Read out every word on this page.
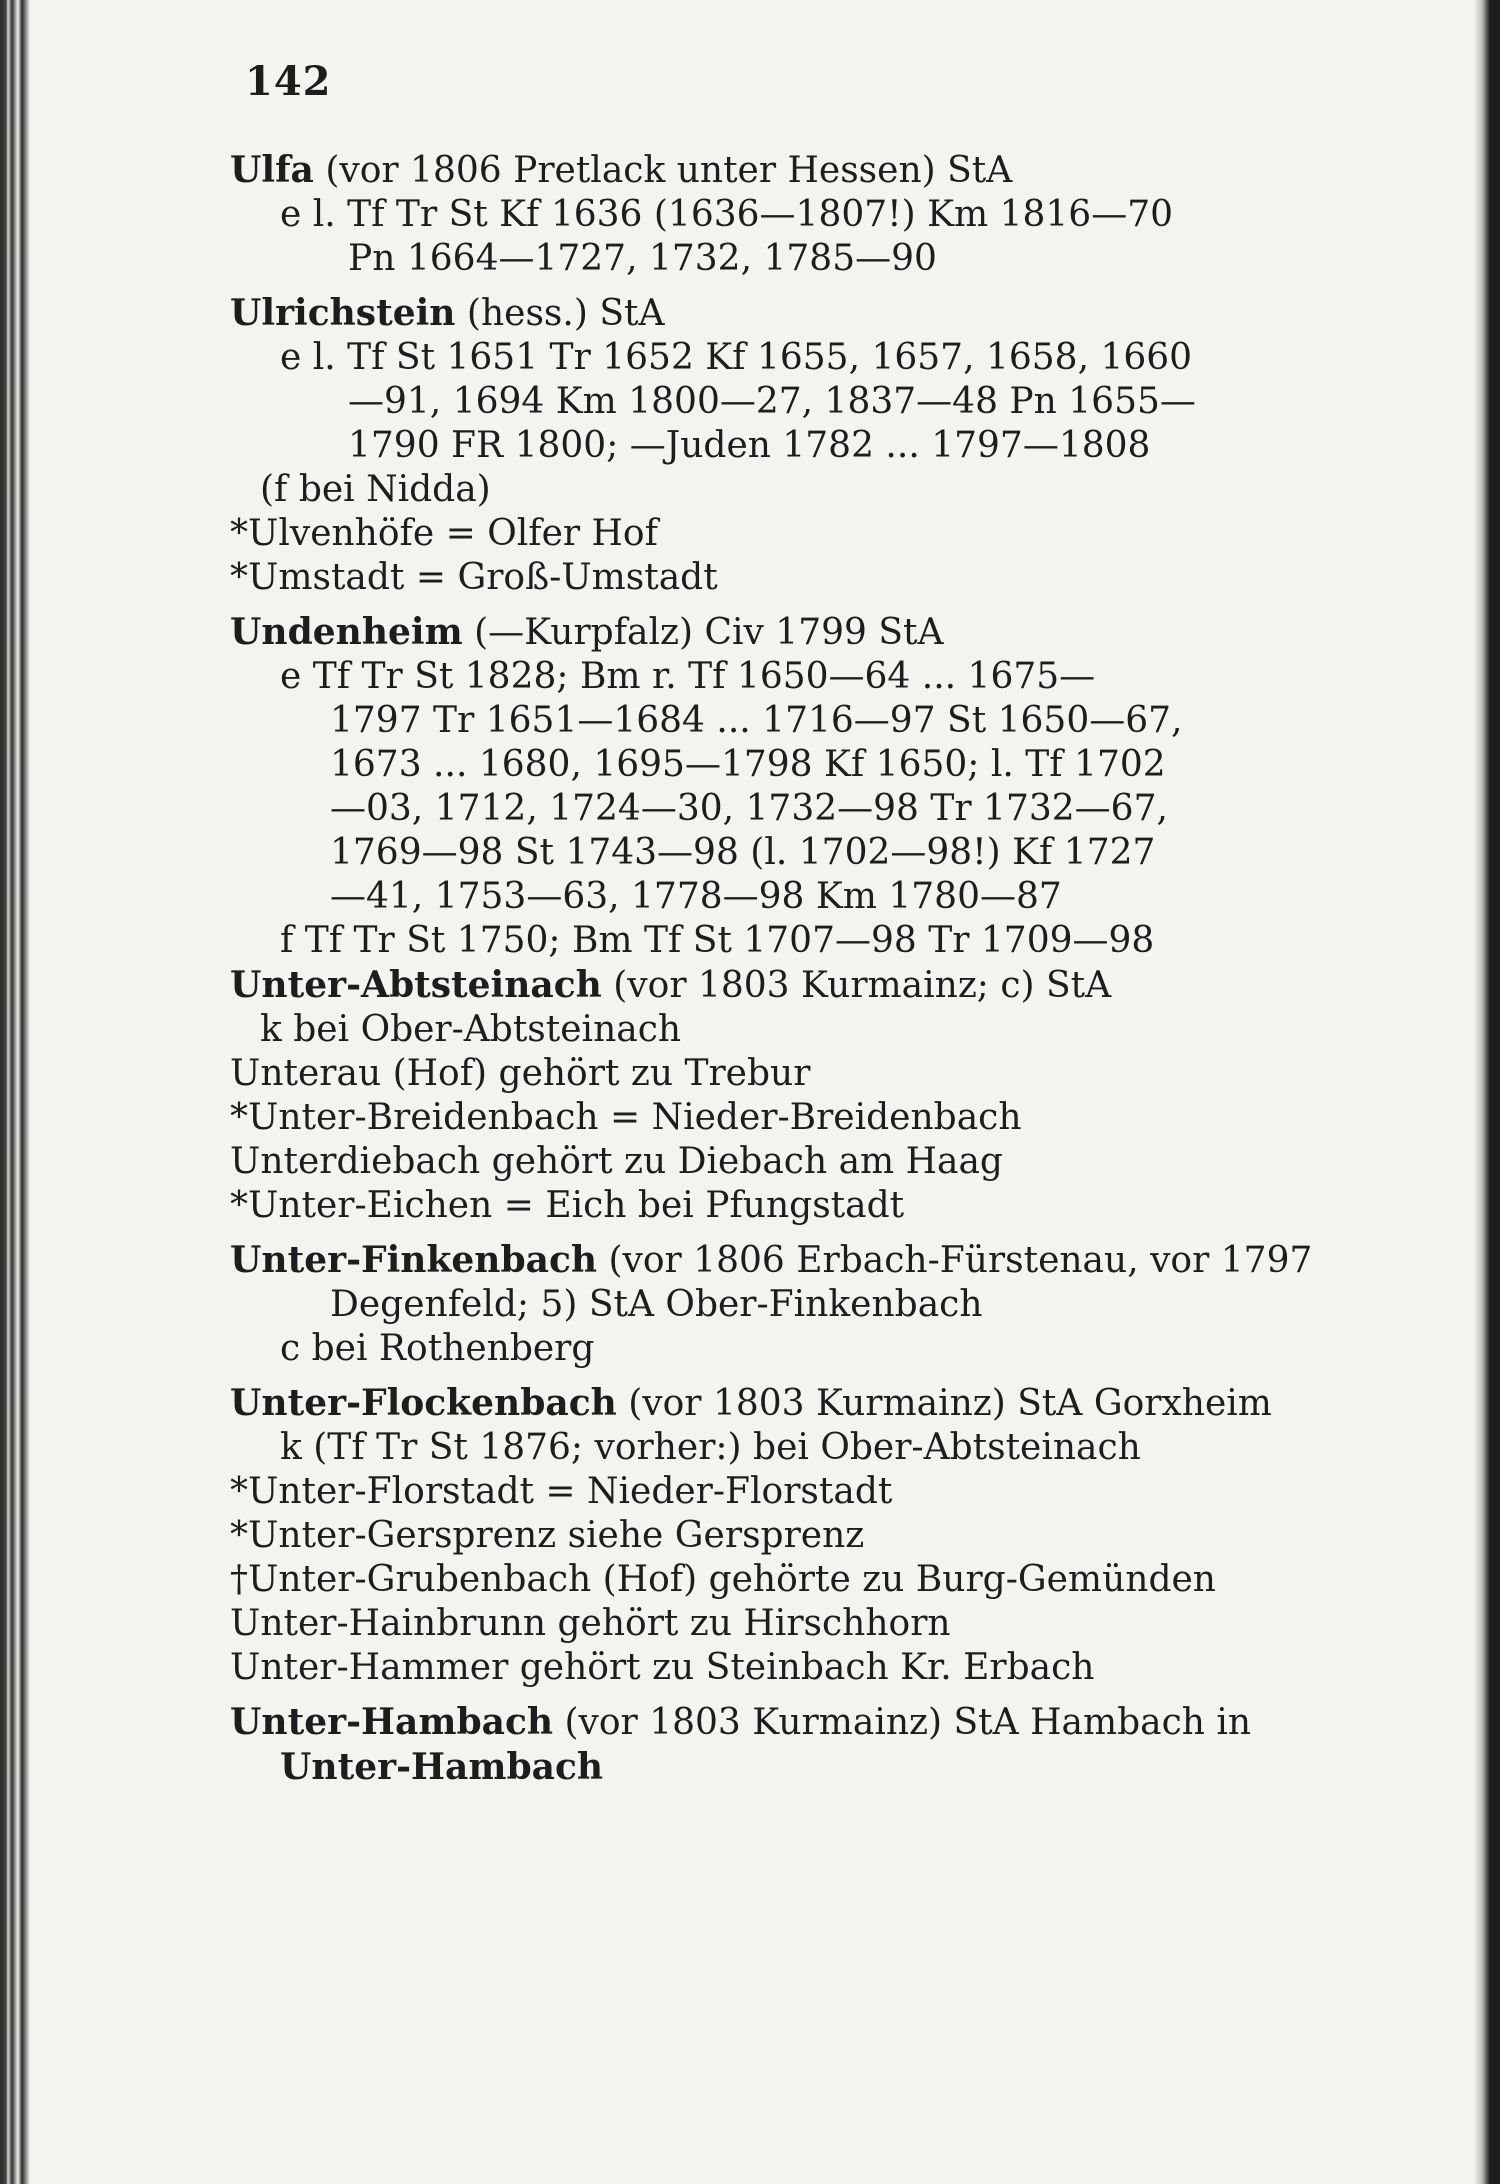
142

Ulfa (vor 1806 Pretlack unter Hessen) StA

e l. Tf Tr St Kf 1636 (1636—1807!) Km 1816—70

Pn 1664—1727, 1732, 1785—90

Ulrichstein (hess.) StA

e l. Tf St 1651 Tr 1652 Kf 1655, 1657, 1658, 1660

—91, 1694 Km 1800—27, 1837—48 Pn 1655—

1790 FR 1800; —Juden 1782 ... 1797—1808

(f bei Nidda)

*Ulvenhöfe = Olfer Hof

*Umstadt = Groß-Umstadt

Undenheim (—Kurpfalz) Civ 1799 StA

e Tf Tr St 1828; Bm r. Tf 1650—64 ... 1675—

1797 Tr 1651—1684 ... 1716—97 St 1650—67,

1673 ... 1680, 1695—1798 Kf 1650; l. Tf 1702

—03, 1712, 1724—30, 1732—98 Tr 1732—67,

1769—98 St 1743—98 (l. 1702—98!) Kf 1727

—41, 1753—63, 1778—98 Km 1780—87

f Tf Tr St 1750; Bm Tf St 1707—98 Tr 1709—98

Unter-Abtsteinach (vor 1803 Kurmainz; c) StA

k bei Ober-Abtsteinach

Unterau (Hof) gehört zu Trebur

*Unter-Breidenbach = Nieder-Breidenbach

Unterdiebach gehört zu Diebach am Haag

*Unter-Eichen = Eich bei Pfungstadt

Unter-Finkenbach (vor 1806 Erbach-Fürstenau, vor 1797

Degenfeld; 5) StA Ober-Finkenbach

c bei Rothenberg

Unter-Flockenbach (vor 1803 Kurmainz) StA Gorxheim

k (Tf Tr St 1876; vorher:) bei Ober-Abtsteinach

*Unter-Florstadt = Nieder-Florstadt

*Unter-Gersprenz siehe Gersprenz

†Unter-Grubenbach (Hof) gehörte zu Burg-Gemünden

Unter-Hainbrunn gehört zu Hirschhorn

Unter-Hammer gehört zu Steinbach Kr. Erbach

Unter-Hambach (vor 1803 Kurmainz) StA Hambach in

Unter-Hambach
